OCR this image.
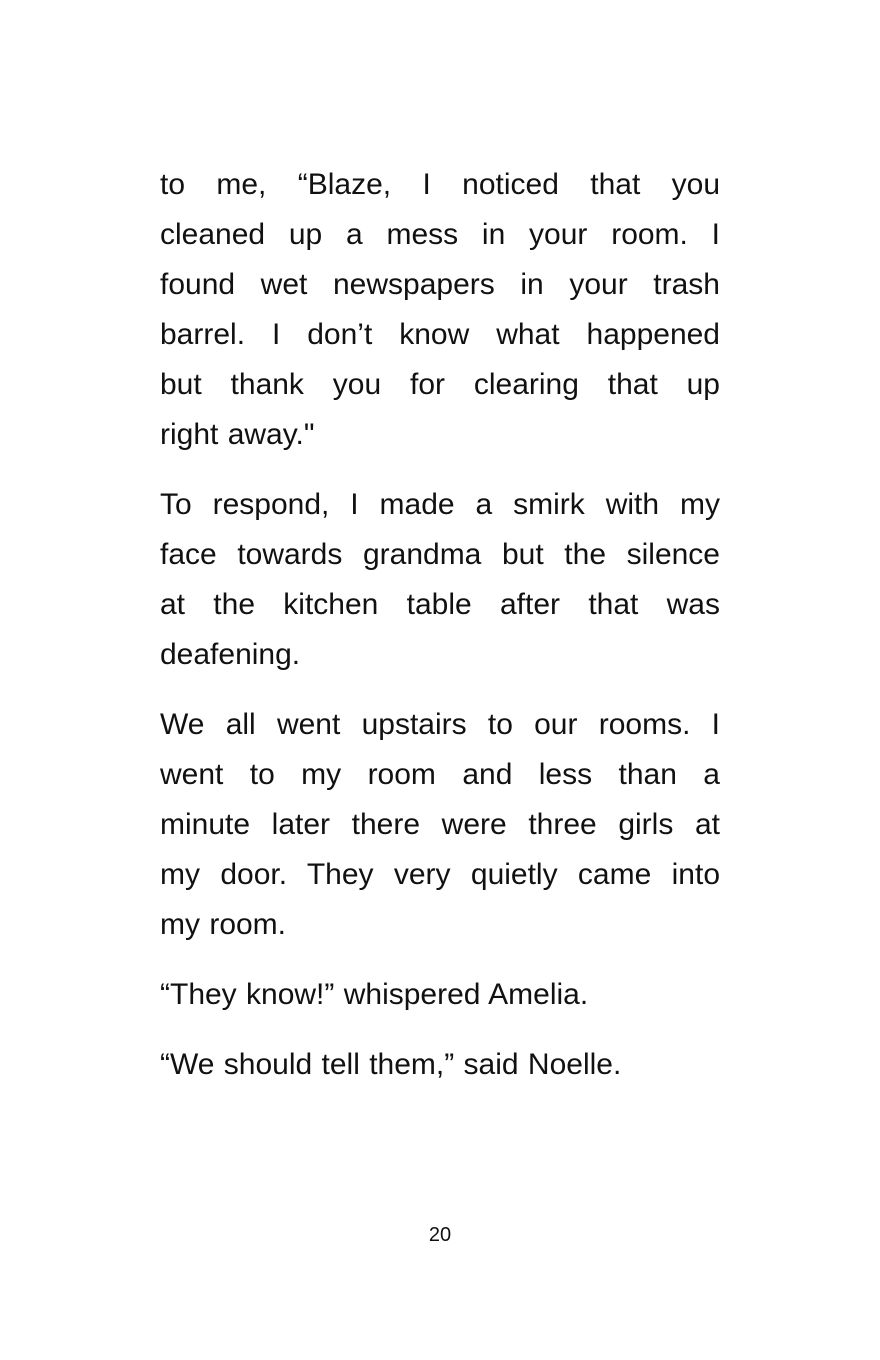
to me, “Blaze, I noticed that you
cleaned up a mess in your room. I
found wet newspapers in your trash
barrel. I don’t know what happened
but thank you for clearing that up
right away."

To respond, I made a smirk with my
face towards grandma but the silence
at the kitchen table after that was
deafening.

We all went upstairs to our rooms. I
went to my room and less than a
minute later there were three girls at
my door. They very quietly came into
my room.

“They know!” whispered Amelia.

“We should tell them,” said Noelle.

20
